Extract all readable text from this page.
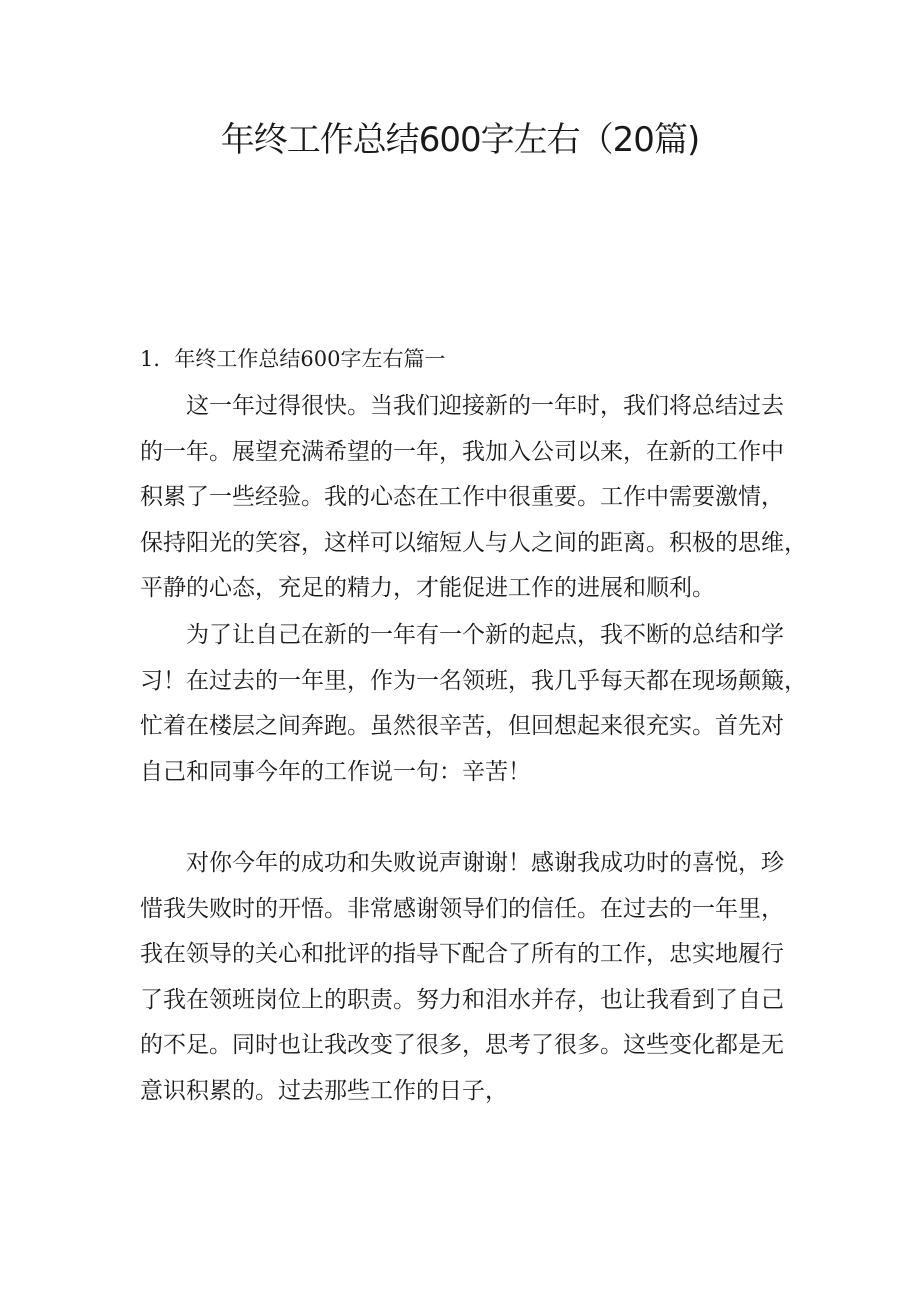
年终工作总结600字左右（20篇)
1．年终工作总结600字左右篇一
这一年过得很快。当我们迎接新的一年时，我们将总结过去
的一年。展望充满希望的一年，我加入公司以来，在新的工作中
积累了一些经验。我的心态在工作中很重要。工作中需要激情，
保持阳光的笑容，这样可以缩短人与人之间的距离。积极的思维，
平静的心态，充足的精力，才能促进工作的进展和顺利。
为了让自己在新的一年有一个新的起点，我不断的总结和学
习！在过去的一年里，作为一名领班，我几乎每天都在现场颠簸，
忙着在楼层之间奔跑。虽然很辛苦，但回想起来很充实。首先对
自己和同事今年的工作说一句：辛苦！
对你今年的成功和失败说声谢谢！感谢我成功时的喜悦，珍
惜我失败时的开悟。非常感谢领导们的信任。在过去的一年里，
我在领导的关心和批评的指导下配合了所有的工作，忠实地履行
了我在领班岗位上的职责。努力和泪水并存，也让我看到了自己
的不足。同时也让我改变了很多，思考了很多。这些变化都是无
意识积累的。过去那些工作的日子，
